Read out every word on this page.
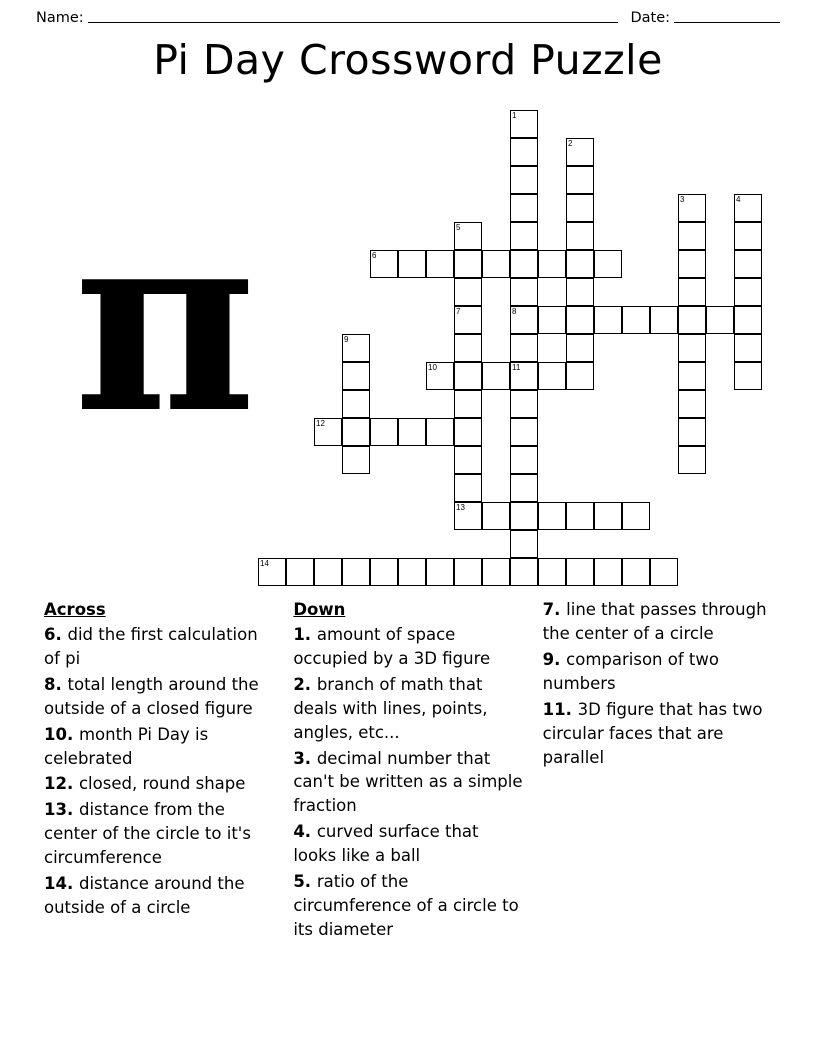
Name:	Date:
Pi Day Crossword Puzzle
π
1
2
3	4
5
6
7	8
9
10	11
12
13
14
Across

6. did the first calculation of pi

8. total length around the outside of a closed figure

10. month Pi Day is celebrated

12. closed, round shape

13. distance from the center of the circle to it's circumference

14. distance around the outside of a circle

Down

1. amount of space occupied by a 3D figure

2. branch of math that deals with lines, points, angles, etc...

3. decimal number that can't be written as a simple fraction

4. curved surface that looks like a ball

5. ratio of the circumference of a circle to its diameter

7. line that passes through the center of a circle

9. comparison of two numbers

11. 3D figure that has two circular faces that are parallel
